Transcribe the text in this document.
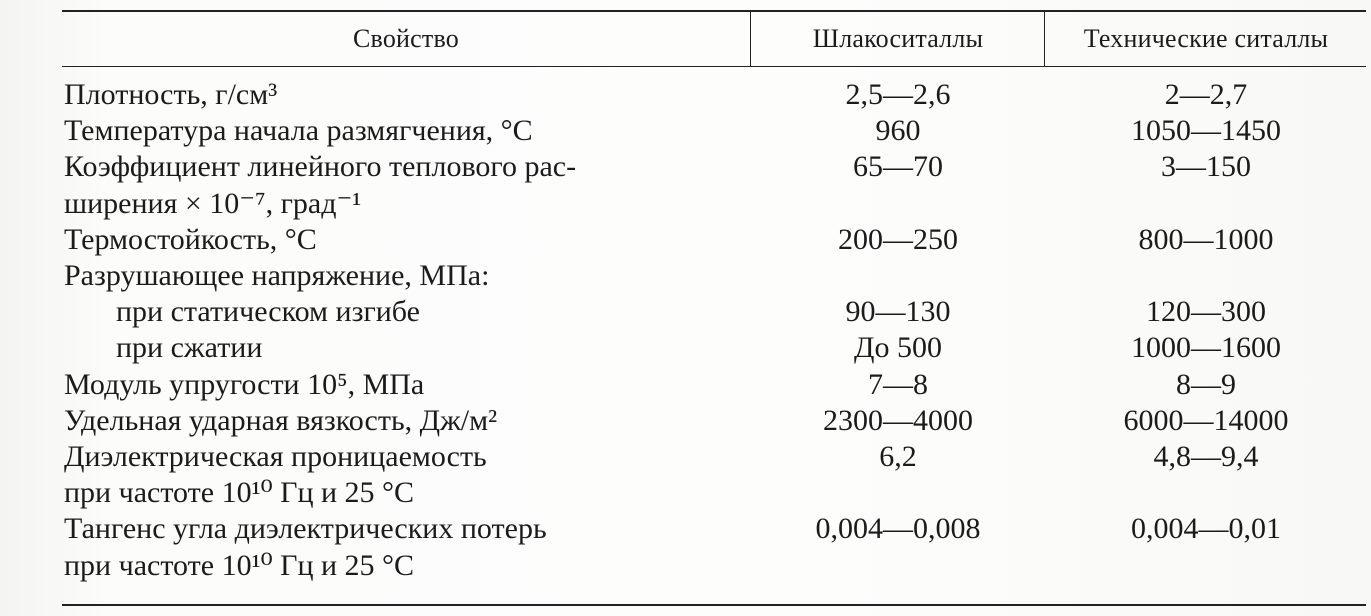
Свойство	Шлакоситаллы	Технические ситаллы
Плотность, г/см³	2,5—2,6	2—2,7
Температура начала размягчения, °C	960	1050—1450
Коэффициент линейного теплового рас-
ширения × 10⁻⁷, град⁻¹
65—70	3—150
Термостойкость, °C	200—250	800—1000
Разрушающее напряжение, МПа:
при статическом изгибе	90—130	120—300
при сжатии	До 500	1000—1600
Модуль упругости 10⁵, МПа	7—8	8—9
Удельная ударная вязкость, Дж/м²	2300—4000	6000—14000
Диэлектрическая проницаемость
при частоте 10¹⁰ Гц и 25 °C
6,2	4,8—9,4
Тангенс угла диэлектрических потерь
при частоте 10¹⁰ Гц и 25 °C
0,004—0,008	0,004—0,01
